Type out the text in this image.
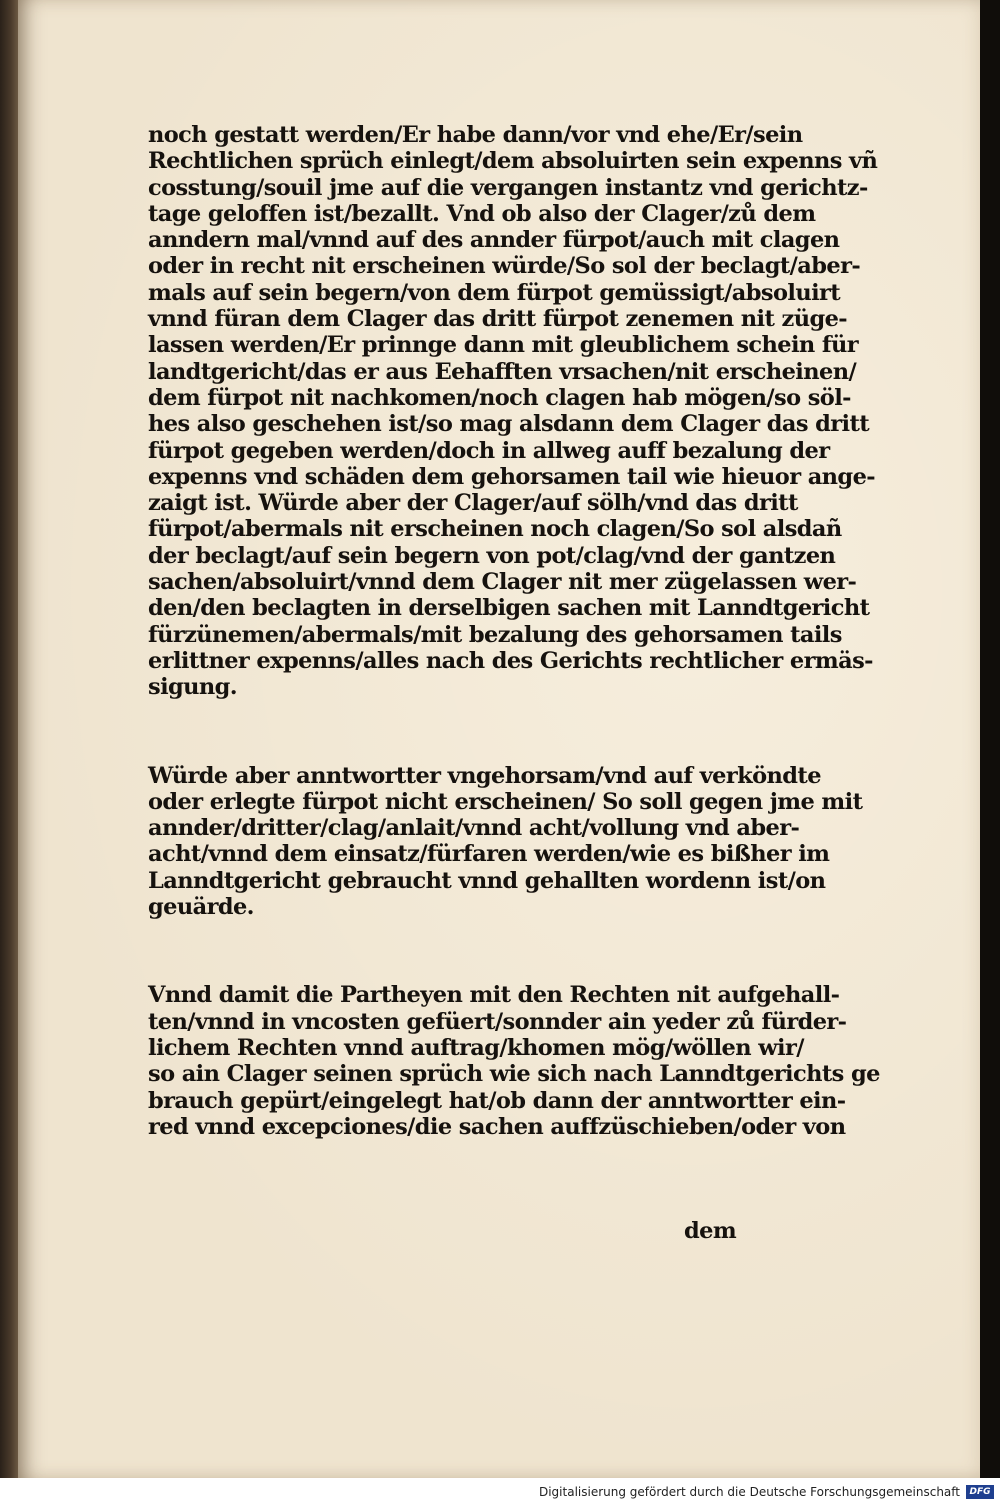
noch gestatt werden/Er habe dann/vor vnd ehe/Er/sein
Rechtlichen sprüch einlegt/dem absoluirten sein expenns vñ
cosstung/souil jme auf die vergangen instantz vnd gerichtz-
tage geloffen ist/bezallt. Vnd ob also der Clager/zů dem
anndern mal/vnnd auf des annder fürpot/auch mit clagen
oder in recht nit erscheinen würde/So sol der beclagt/aber-
mals auf sein begern/von dem fürpot gemüssigt/absoluirt
vnnd füran dem Clager das dritt fürpot zenemen nit züge-
lassen werden/Er prinnge dann mit gleublichem schein für
landtgericht/das er aus Eehafften vrsachen/nit erscheinen/
dem fürpot nit nachkomen/noch clagen hab mögen/so söl-
hes also geschehen ist/so mag alsdann dem Clager das dritt
fürpot gegeben werden/doch in allweg auff bezalung der
expenns vnd schäden dem gehorsamen tail wie hieuor ange-
zaigt ist. Würde aber der Clager/auf sölh/vnd das dritt
fürpot/abermals nit erscheinen noch clagen/So sol alsdañ
der beclagt/auf sein begern von pot/clag/vnd der gantzen
sachen/absoluirt/vnnd dem Clager nit mer zügelassen wer-
den/den beclagten in derselbigen sachen mit Lanndtgericht
fürzünemen/abermals/mit bezalung des gehorsamen tails
erlittner expenns/alles nach des Gerichts rechtlicher ermäs-
sigung.
Würde aber anntwortter vngehorsam/vnd auf verköndte
oder erlegte fürpot nicht erscheinen/ So soll gegen jme mit
annder/dritter/clag/anlait/vnnd acht/vollung vnd aber-
acht/vnnd dem einsatz/fürfaren werden/wie es bißher im
Lanndtgericht gebraucht vnnd gehallten wordenn ist/on
geuärde.
Vnnd damit die Partheyen mit den Rechten nit aufgehall-
ten/vnnd in vncosten gefüert/sonnder ain yeder zů fürder-
lichem Rechten vnnd auftrag/khomen mög/wöllen wir/
so ain Clager seinen sprüch wie sich nach Lanndtgerichts ge
brauch gepürt/eingelegt hat/ob dann der anntwortter ein-
red vnnd excepciones/die sachen auffzüschieben/oder von
dem
Digitalisierung gefördert durch die Deutsche Forschungsgemeinschaft	DFG
